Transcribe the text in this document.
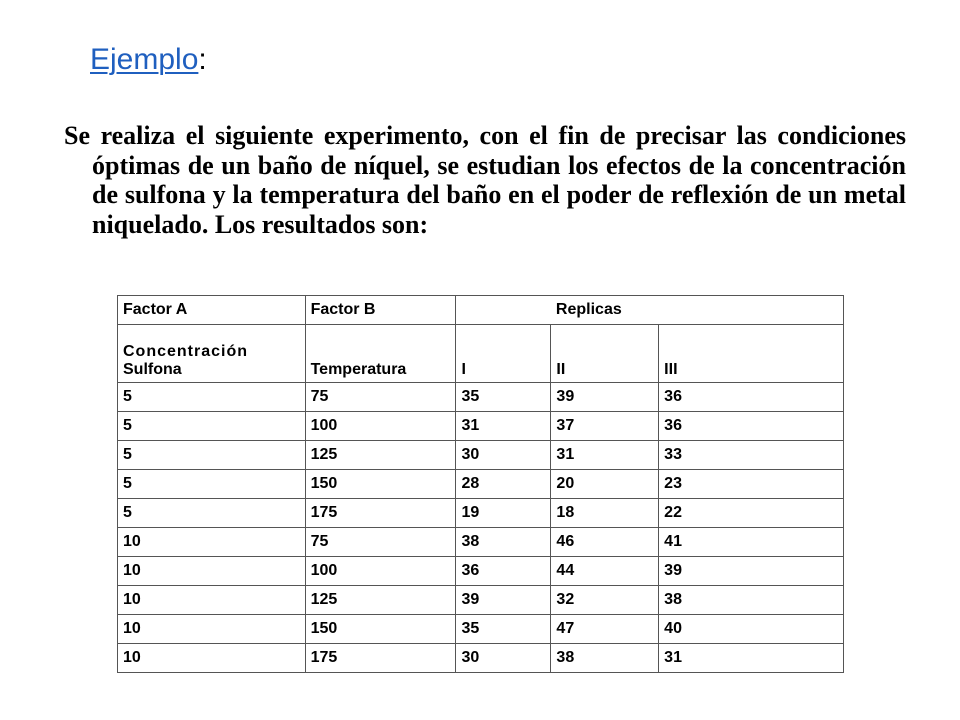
Ejemplo:

Se realiza el siguiente experimento, con el fin de precisar las condiciones óptimas de un baño de níquel, se estudian los efectos de la concentración de sulfona y la temperatura del baño en el poder de reflexión de un metal niquelado. Los resultados son:

Factor A	Factor B		Replicas	

Concentración
Sulfona	Temperatura	I	II	III
5	75	35	39	36
5	100	31	37	36
5	125	30	31	33
5	150	28	20	23
5	175	19	18	22
10	75	38	46	41
10	100	36	44	39
10	125	39	32	38
10	150	35	47	40
10	175	30	38	31
